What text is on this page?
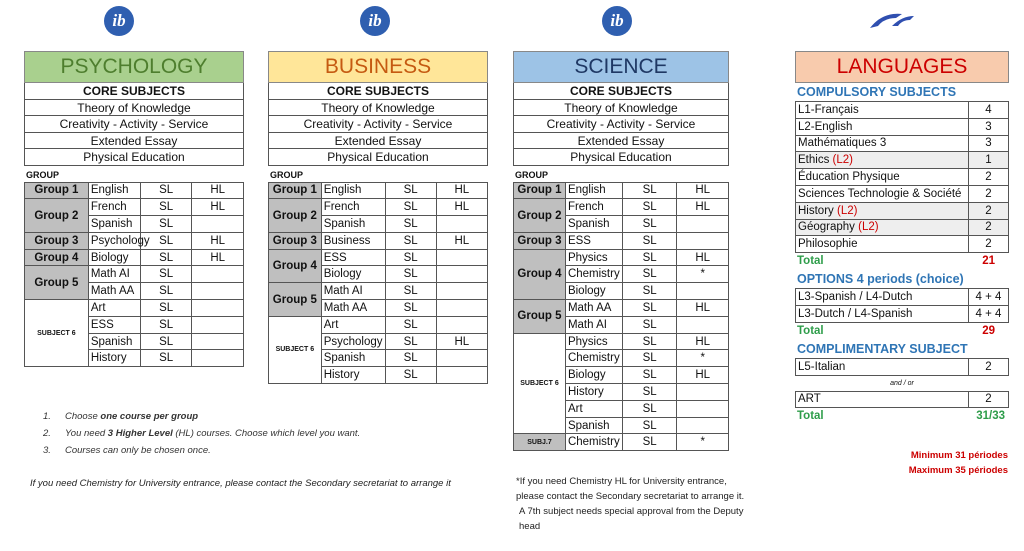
ib	ib	ib
PSYCHOLOGY
CORE SUBJECTS
Theory of Knowledge
Creativity - Activity - Service
Extended Essay
Physical Education
GROUP
Group 1	English	SL	HL
Group 2	French	SL	HL
	Spanish	SL	
Group 3	Psychology	SL	HL
Group 4	Biology	SL	HL
Group 5	Math AI	SL	
	Math AA	SL	
SUBJECT 6	Art	SL	
	ESS	SL	
	Spanish	SL	
	History	SL	
BUSINESS
CORE SUBJECTS
Theory of Knowledge
Creativity - Activity - Service
Extended Essay
Physical Education
GROUP
Group 1	English	SL	HL
Group 2	French	SL	HL
	Spanish	SL	
Group 3	Business	SL	HL
Group 4	ESS	SL	
	Biology	SL	
Group 5	Math AI	SL	
	Math AA	SL	
SUBJECT 6	Art	SL	
	Psychology	SL	HL
	Spanish	SL	
	History	SL	
SCIENCE
CORE SUBJECTS
Theory of Knowledge
Creativity - Activity - Service
Extended Essay
Physical Education
GROUP
Group 1	English	SL	HL
Group 2	French	SL	HL
	Spanish	SL	
Group 3	ESS	SL	
Group 4	Physics	SL	HL
	Chemistry	SL	*
	Biology	SL	
Group 5	Math AA	SL	HL
	Math AI	SL	
SUBJECT 6	Physics	SL	HL
	Chemistry	SL	*
	Biology	SL	HL
	History	SL	
	Art	SL	
	Spanish	SL	
SUBJ.7	Chemistry	SL	*
1. Choose one course per group
2. You need 3 Higher Level (HL) courses. Choose which level you want.
3. Courses can only be chosen once.
If you need Chemistry for University entrance, please contact the Secondary secretariat to arrange it	*If you need Chemistry HL for University entrance, please contact the Secondary secretariat to arrange it.
A 7th subject needs special approval from the Deputy head
LANGUAGES
COMPULSORY SUBJECTS
L1-Français	4
L2-English	3
Mathématiques 3	3
Ethics (L2)	1
Éducation Physique	2
Sciences Technologie & Société	2
History (L2)	2
Géography (L2)	2
Philosophie	2
Total	21
OPTIONS 4 periods (choice)
L3-Spanish / L4-Dutch	4 + 4
L3-Dutch / L4-Spanish	4 + 4
Total	29
COMPLIMENTARY SUBJECT
L5-Italian	2
and / or
ART	2
Total	31/33
Minimum 31 périodes
Maximum 35 périodes
